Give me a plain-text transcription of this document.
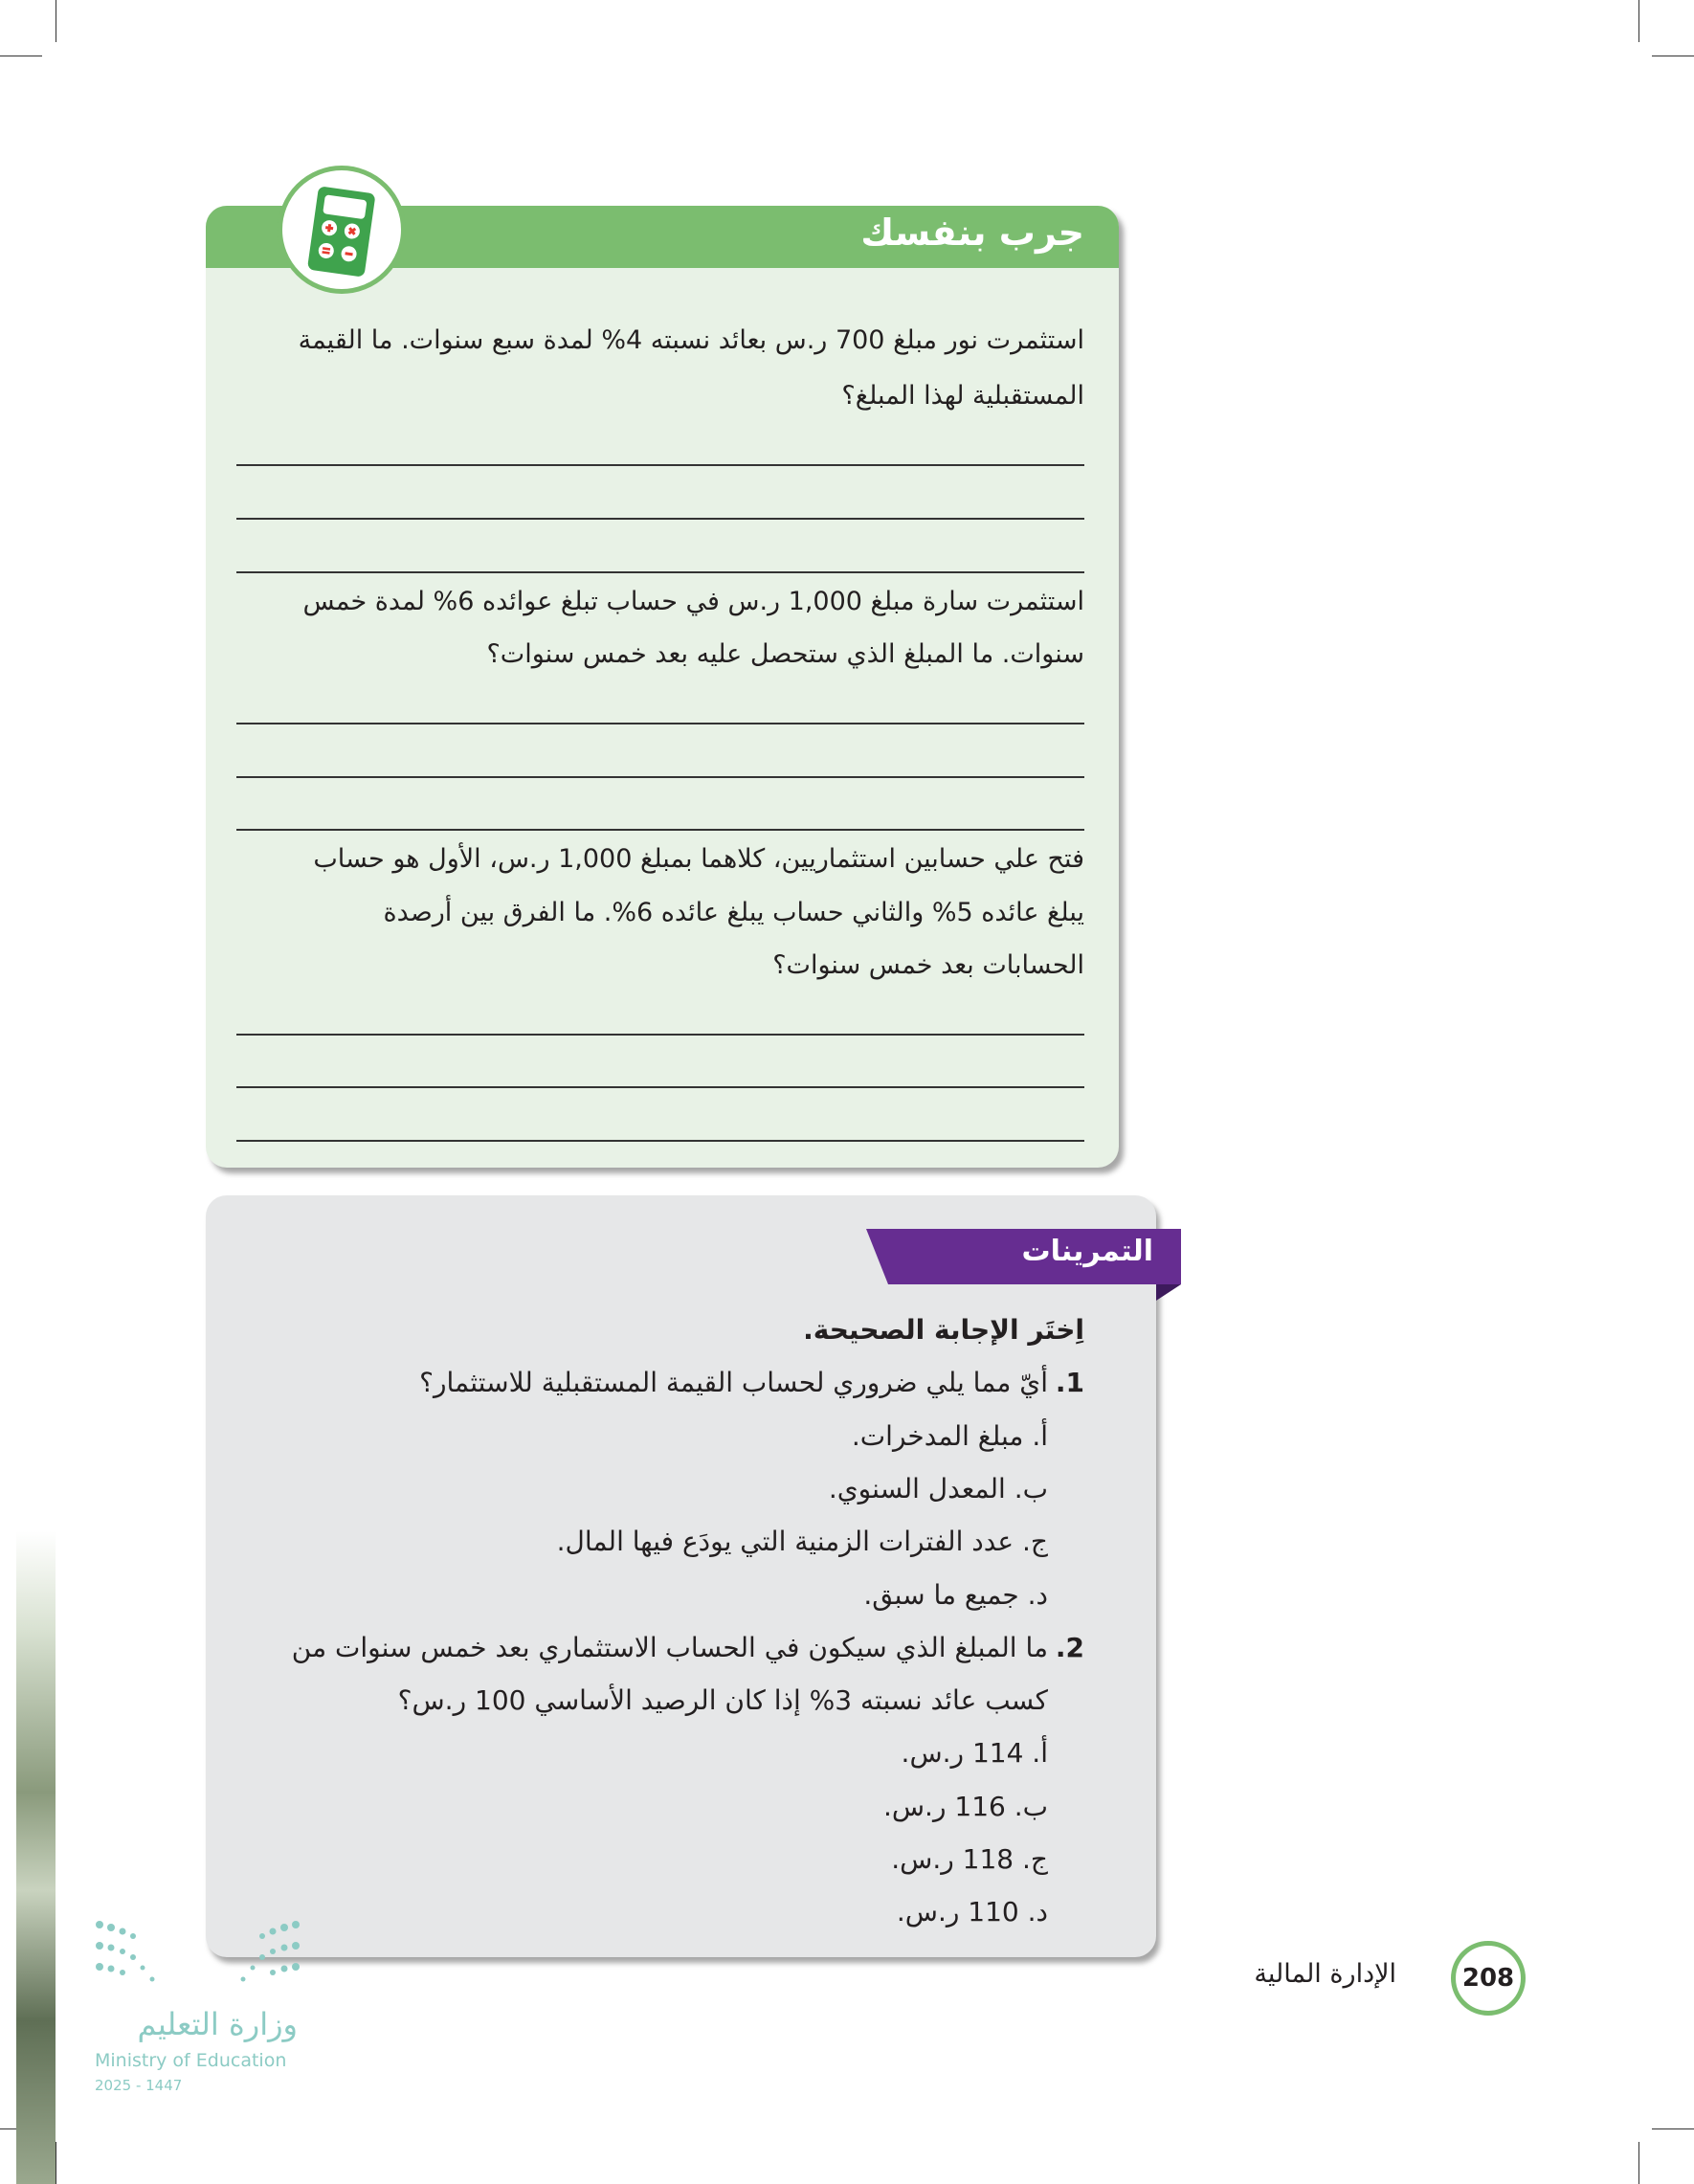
جرب بنفسك
استثمرت نور مبلغ 700 ر.س بعائد نسبته 4% لمدة سبع سنوات. ما القيمة
المستقبلية لهذا المبلغ؟
استثمرت سارة مبلغ 1,000 ر.س في حساب تبلغ عوائده 6% لمدة خمس
سنوات. ما المبلغ الذي ستحصل عليه بعد خمس سنوات؟
فتح علي حسابين استثماريين، كلاهما بمبلغ 1,000 ر.س، الأول هو حساب
يبلغ عائده 5% والثاني حساب يبلغ عائده 6%. ما الفرق بين أرصدة
الحسابات بعد خمس سنوات؟
التمرينات
اِختَر الإجابة الصحيحة.
1.
أيّ مما يلي ضروري لحساب القيمة المستقبلية للاستثمار؟
أ. مبلغ المدخرات.
ب. المعدل السنوي.
ج. عدد الفترات الزمنية التي يودَع فيها المال.
د. جميع ما سبق.
2.
ما المبلغ الذي سيكون في الحساب الاستثماري بعد خمس سنوات من
كسب عائد نسبته 3% إذا كان الرصيد الأساسي 100 ر.س؟
أ. 114 ر.س.
ب. 116 ر.س.
ج. 118 ر.س.
د. 110 ر.س.
208
الإدارة المالية
وزارة التعليم
Ministry of Education
2025 - 1447
